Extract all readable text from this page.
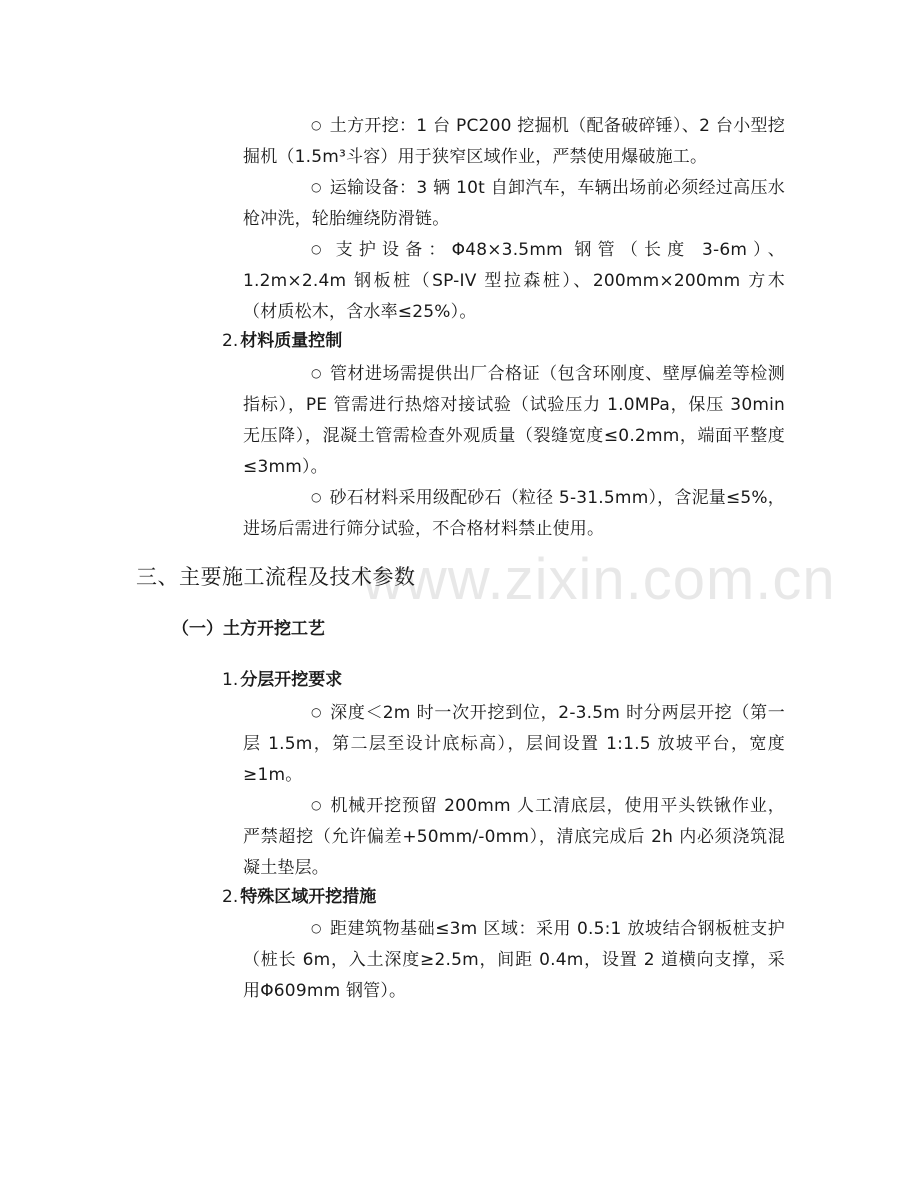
www.zixin.com.cn
○ 土方开挖：1 台 PC200 挖掘机（配备破碎锤）、2 台小型挖掘机（1.5m³斗容）用于狭窄区域作业，严禁使用爆破施工。
○ 运输设备：3 辆 10t 自卸汽车，车辆出场前必须经过高压水枪冲洗，轮胎缠绕防滑链。
○ 支护设备：Φ48×3.5mm 钢管（长度 3-6m）、1.2m×2.4m 钢板桩（SP-IV 型拉森桩）、200mm×200mm 方木（材质松木，含水率≤25%）。
2. 材料质量控制
○ 管材进场需提供出厂合格证（包含环刚度、壁厚偏差等检测指标），PE 管需进行热熔对接试验（试验压力 1.0MPa，保压 30min 无压降），混凝土管需检查外观质量（裂缝宽度≤0.2mm，端面平整度≤3mm）。
○ 砂石材料采用级配砂石（粒径 5-31.5mm），含泥量≤5%，进场后需进行筛分试验，不合格材料禁止使用。
三、主要施工流程及技术参数
（一）土方开挖工艺
1. 分层开挖要求
○ 深度＜2m 时一次开挖到位，2-3.5m 时分两层开挖（第一层 1.5m，第二层至设计底标高），层间设置 1:1.5 放坡平台，宽度≥1m。
○ 机械开挖预留 200mm 人工清底层，使用平头铁锹作业，严禁超挖（允许偏差+50mm/-0mm），清底完成后 2h 内必须浇筑混凝土垫层。
2. 特殊区域开挖措施
○ 距建筑物基础≤3m 区域：采用 0.5:1 放坡结合钢板桩支护（桩长 6m，入土深度≥2.5m，间距 0.4m，设置 2 道横向支撑，采用Φ609mm 钢管）。
